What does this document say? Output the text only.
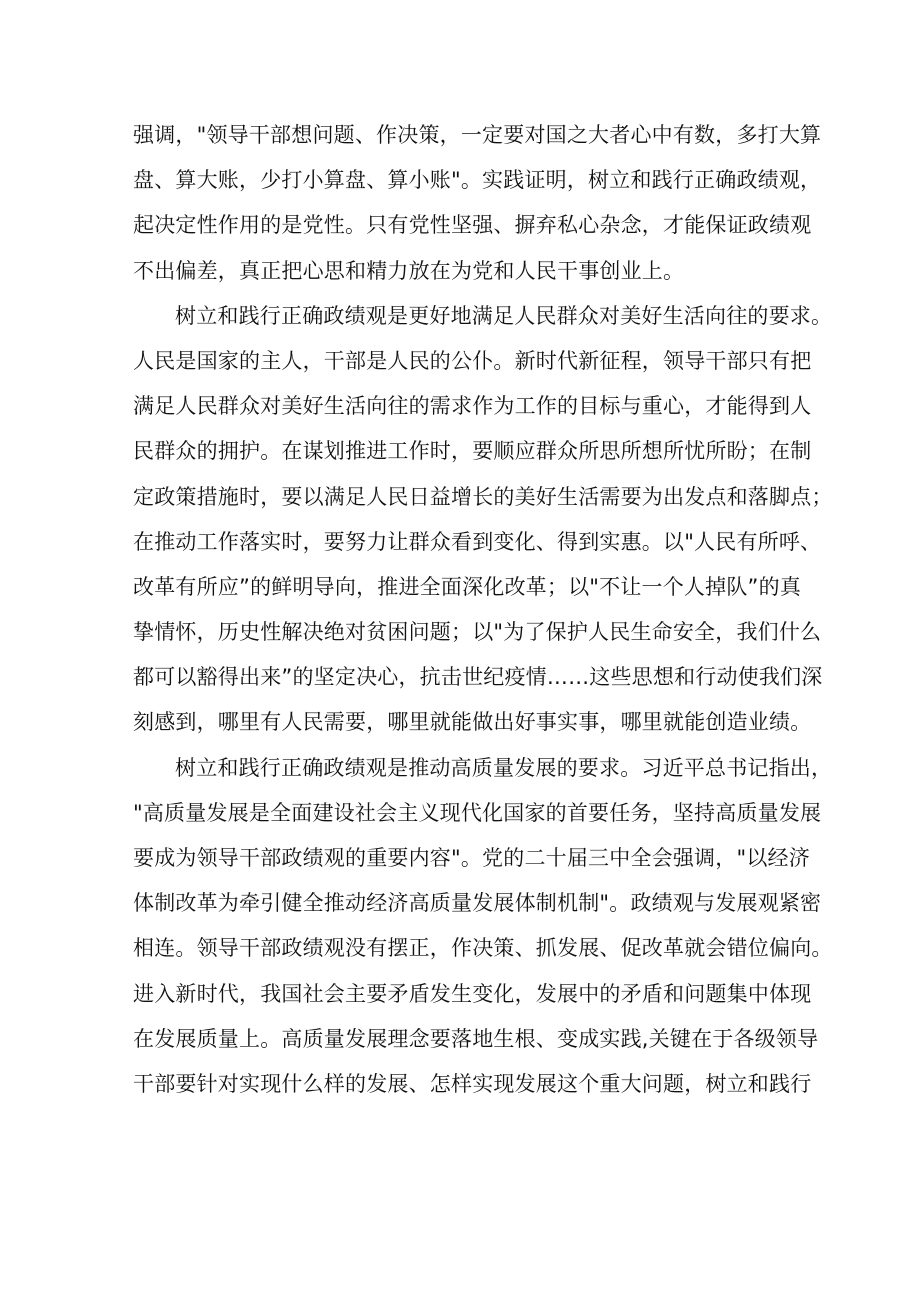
强调，"领导干部想问题、作决策，一定要对国之大者心中有数，多打大算
盘、算大账，少打小算盘、算小账"。实践证明，树立和践行正确政绩观，
起决定性作用的是党性。只有党性坚强、摒弃私心杂念，才能保证政绩观
不出偏差，真正把心思和精力放在为党和人民干事创业上。
树立和践行正确政绩观是更好地满足人民群众对美好生活向往的要求。
人民是国家的主人，干部是人民的公仆。新时代新征程，领导干部只有把
满足人民群众对美好生活向往的需求作为工作的目标与重心，才能得到人
民群众的拥护。在谋划推进工作时，要顺应群众所思所想所忧所盼；在制
定政策措施时，要以满足人民日益增长的美好生活需要为出发点和落脚点；
在推动工作落实时，要努力让群众看到变化、得到实惠。以"人民有所呼、
改革有所应”的鲜明导向，推进全面深化改革；以"不让一个人掉队”的真
挚情怀，历史性解决绝对贫困问题；以"为了保护人民生命安全，我们什么
都可以豁得出来”的坚定决心，抗击世纪疫情……这些思想和行动使我们深
刻感到，哪里有人民需要，哪里就能做出好事实事，哪里就能创造业绩。
树立和践行正确政绩观是推动高质量发展的要求。习近平总书记指出，
"高质量发展是全面建设社会主义现代化国家的首要任务，坚持高质量发展
要成为领导干部政绩观的重要内容"。党的二十届三中全会强调，"以经济
体制改革为牵引健全推动经济高质量发展体制机制"。政绩观与发展观紧密
相连。领导干部政绩观没有摆正，作决策、抓发展、促改革就会错位偏向。
进入新时代，我国社会主要矛盾发生变化，发展中的矛盾和问题集中体现
在发展质量上。高质量发展理念要落地生根、变成实践,关键在于各级领导
干部要针对实现什么样的发展、怎样实现发展这个重大问题，树立和践行
